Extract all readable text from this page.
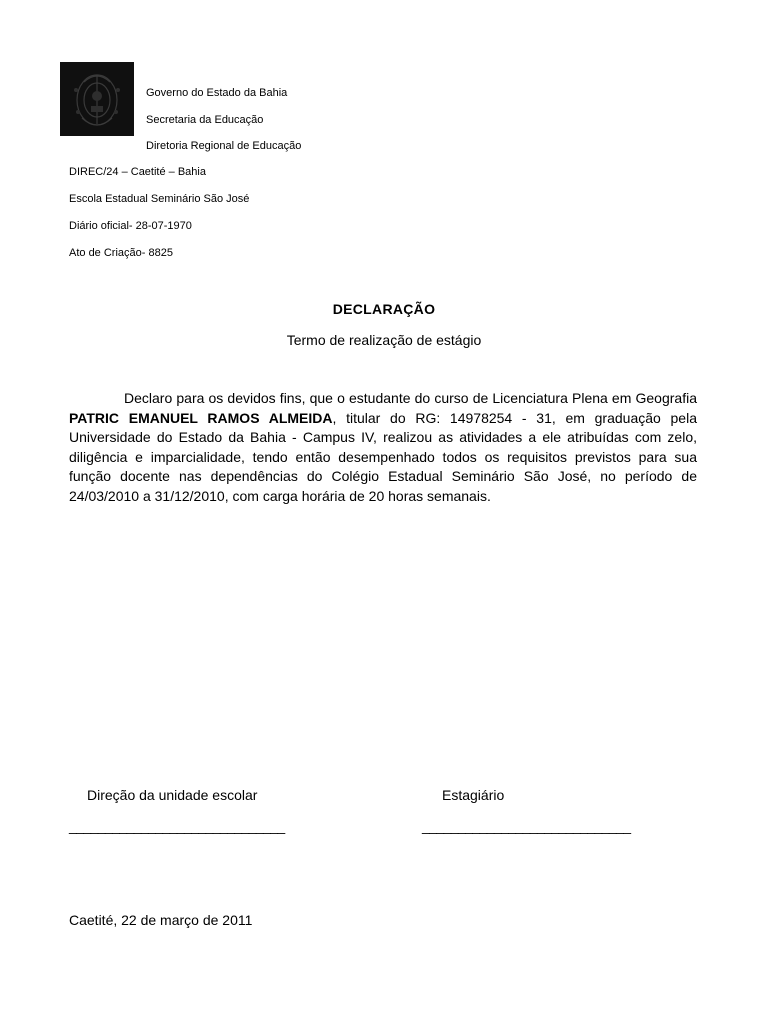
Governo do Estado da Bahia
Secretaria da Educação
Diretoria Regional de Educação
DIREC/24 – Caetité – Bahia
Escola Estadual Seminário São José
Diário oficial- 28-07-1970
Ato de Criação- 8825
DECLARAÇÃO
Termo de realização de estágio

Declaro para os devidos fins, que o estudante do curso de Licenciatura Plena em Geografia PATRIC EMANUEL RAMOS ALMEIDA, titular do RG: 14978254 - 31, em graduação pela Universidade do Estado da Bahia - Campus IV, realizou as atividades a ele atribuídas com zelo, diligência e imparcialidade, tendo então desempenhado todos os requisitos previstos para sua função docente nas dependências do Colégio Estadual Seminário São José, no período de 24/03/2010 a 31/12/2010, com carga horária de 20 horas semanais.

Direção da unidade escolar
______________________________
Estagiário
_____________________________
Caetité, 22 de março de 2011
